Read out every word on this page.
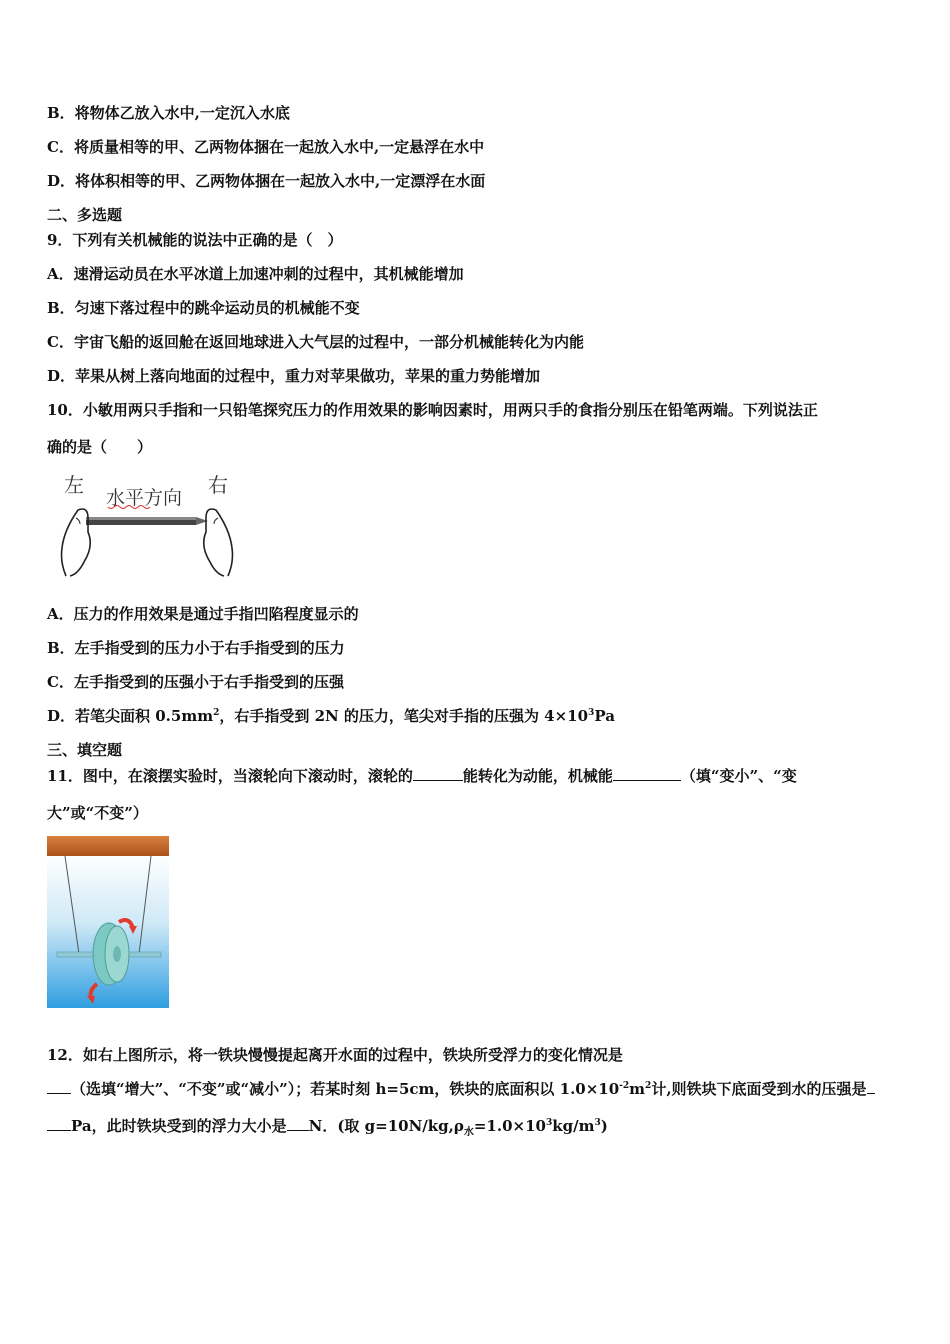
B．将物体乙放入水中,一定沉入水底
C．将质量相等的甲、乙两物体捆在一起放入水中,一定悬浮在水中
D．将体积相等的甲、乙两物体捆在一起放入水中,一定漂浮在水面
二、多选题
9．下列有关机械能的说法中正确的是（　）
A．速滑运动员在水平冰道上加速冲刺的过程中，其机械能增加
B．匀速下落过程中的跳伞运动员的机械能不变
C．宇宙飞船的返回舱在返回地球进入大气层的过程中，一部分机械能转化为内能
D．苹果从树上落向地面的过程中，重力对苹果做功，苹果的重力势能增加
10．小敏用两只手指和一只铅笔探究压力的作用效果的影响因素时，用两只手的食指分别压在铅笔两端。下列说法正
确的是（　　）
左	右
水平方向
A．压力的作用效果是通过手指凹陷程度显示的
B．左手指受到的压力小于右手指受到的压力
C．左手指受到的压强小于右手指受到的压强
D．若笔尖面积 $0.5mm^2$，右手指受到 2N 的压力，笔尖对手指的压强为 $4\times 10^3Pa$
三、填空题
11．图中，在滚摆实验时，当滚轮向下滚动时，滚轮的	能转化为动能，机械能	（填“变小”、“变
大”或“不变”）
12．如右上图所示，将一铁块慢慢提起离开水面的过程中，铁块所受浮力的变化情况是
（选填“增大”、“不变”或“减小”）；若某时刻 h=5cm，铁块的底面积以 $1.0\times 10^{-2}m^2$计,则铁块下底面受到水的压强是
Pa，此时铁块受到的浮力大小是 N．(取 $g=10N/kg,\rho_水=1.0\times 10^3kg/m^3$)
